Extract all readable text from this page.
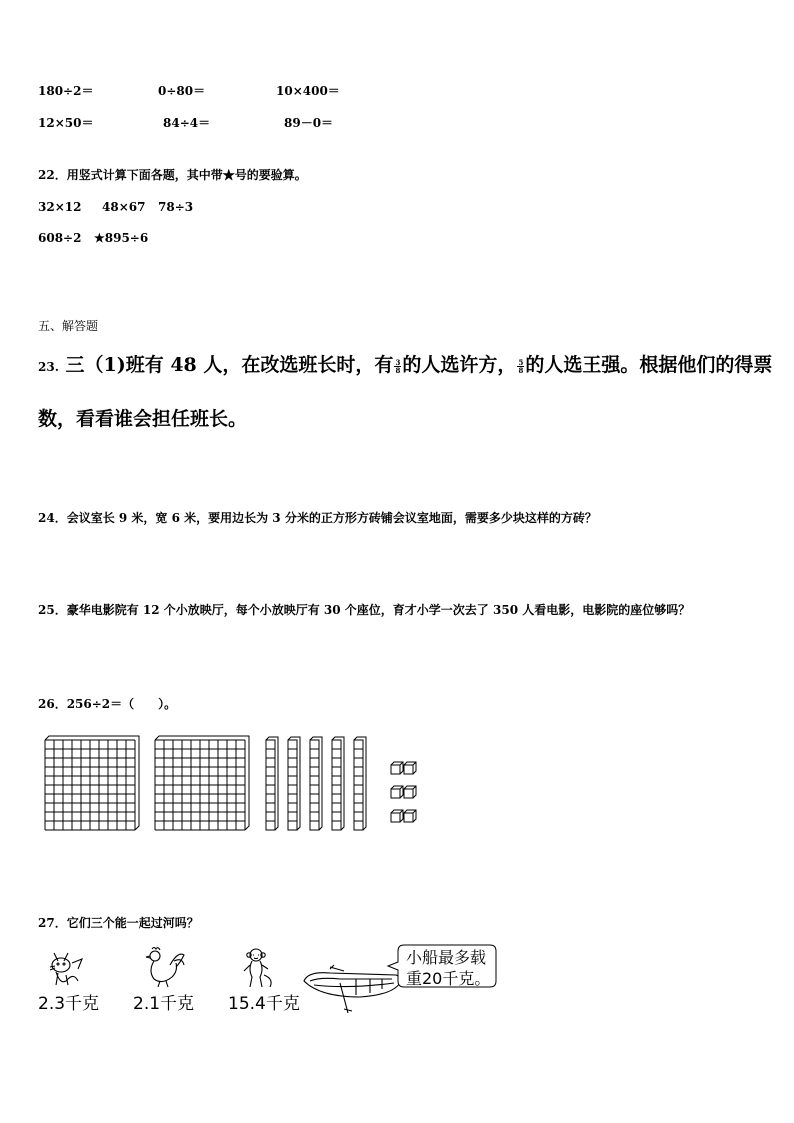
180÷2＝	0÷80＝	10×400＝
12×50＝	84÷4＝	89－0＝
22．用竖式计算下面各题，其中带★号的要验算。
32×12 48×67 78÷3
608÷2 ★895÷6
五、解答题
23. 三（1)班有 48 人，在改选班长时，有 $\frac{3}{8}$ 的人选许方， $\frac{5}{8}$ 的人选王强。根据他们的得票
数，看看谁会担任班长。
24．会议室长 9 米，宽 6 米，要用边长为 3 分米的正方形方砖铺会议室地面，需要多少块这样的方砖？
25．豪华电影院有 12 个小放映厅，每个小放映厅有 30 个座位，育才小学一次去了 350 人看电影，电影院的座位够吗？
26．256÷2＝（　　）。
27．它们三个能一起过河吗？
2.3千克 2.1千克 15.4千克
小船最多载
重20千克。
